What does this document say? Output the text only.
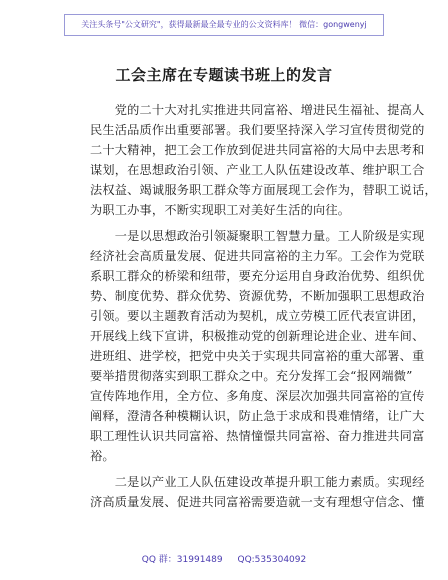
关注头条号"公文研究"，获得最新最全最专业的公文资料库！ 微信：gongwenyj
工会主席在专题读书班上的发言
　　党的二十大对扎实推进共同富裕、增进民生福祉、提高人
民生活品质作出重要部署。我们要坚持深入学习宣传贯彻党的
二十大精神，把工会工作放到促进共同富裕的大局中去思考和
谋划，在思想政治引领、产业工人队伍建设改革、维护职工合
法权益、竭诚服务职工群众等方面展现工会作为，替职工说话，
为职工办事，不断实现职工对美好生活的向往。
　　一是以思想政治引领凝聚职工智慧力量。工人阶级是实现
经济社会高质量发展、促进共同富裕的主力军。工会作为党联
系职工群众的桥梁和纽带，要充分运用自身政治优势、组织优
势、制度优势、群众优势、资源优势，不断加强职工思想政治
引领。要以主题教育活动为契机，成立劳模工匠代表宣讲团，
开展线上线下宣讲，积极推动党的创新理论进企业、进车间、
进班组、进学校，把党中央关于实现共同富裕的重大部署、重
要举措贯彻落实到职工群众之中。充分发挥工会“报网端微”
宣传阵地作用，全方位、多角度、深层次加强共同富裕的宣传
阐释，澄清各种模糊认识，防止急于求成和畏难情绪，让广大
职工理性认识共同富裕、热情憧憬共同富裕、奋力推进共同富
裕。
　　二是以产业工人队伍建设改革提升职工能力素质。实现经
济高质量发展、促进共同富裕需要造就一支有理想守信念、懂
QQ 群：31991489 QQ:535304092
